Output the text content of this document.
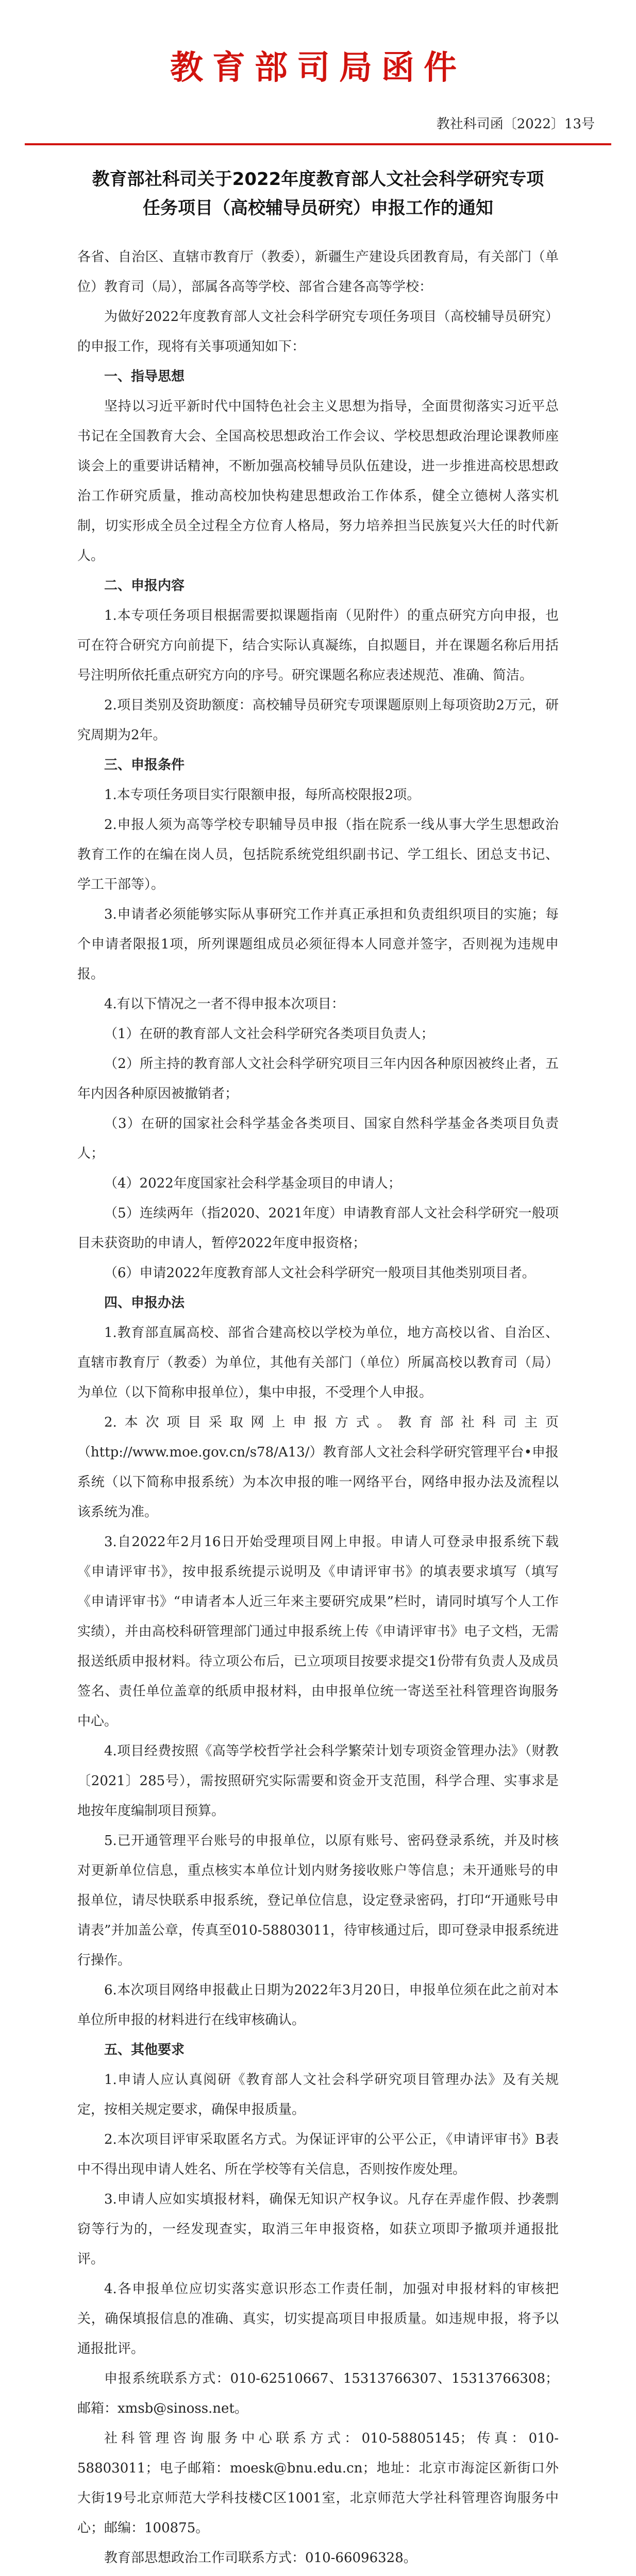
教育部司局函件
教社科司函〔2022〕13号
教育部社科司关于2022年度教育部人文社会科学研究专项
任务项目（高校辅导员研究）申报工作的通知

各省、自治区、直辖市教育厅（教委），新疆生产建设兵团教育局，有关部门（单位）教育司（局），部属各高等学校、部省合建各高等学校：

为做好2022年度教育部人文社会科学研究专项任务项目（高校辅导员研究）的申报工作，现将有关事项通知如下：

一、指导思想

坚持以习近平新时代中国特色社会主义思想为指导，全面贯彻落实习近平总书记在全国教育大会、全国高校思想政治工作会议、学校思想政治理论课教师座谈会上的重要讲话精神，不断加强高校辅导员队伍建设，进一步推进高校思想政治工作研究质量，推动高校加快构建思想政治工作体系，健全立德树人落实机制，切实形成全员全过程全方位育人格局，努力培养担当民族复兴大任的时代新人。

二、申报内容

1.本专项任务项目根据需要拟课题指南（见附件）的重点研究方向申报，也可在符合研究方向前提下，结合实际认真凝练，自拟题目，并在课题名称后用括号注明所依托重点研究方向的序号。研究课题名称应表述规范、准确、简洁。

2.项目类别及资助额度：高校辅导员研究专项课题原则上每项资助2万元，研究周期为2年。

三、申报条件

1.本专项任务项目实行限额申报，每所高校限报2项。

2.申报人须为高等学校专职辅导员申报（指在院系一线从事大学生思想政治教育工作的在编在岗人员，包括院系统党组织副书记、学工组长、团总支书记、学工干部等）。

3.申请者必须能够实际从事研究工作并真正承担和负责组织项目的实施；每个申请者限报1项，所列课题组成员必须征得本人同意并签字，否则视为违规申报。

4.有以下情况之一者不得申报本次项目：

（1）在研的教育部人文社会科学研究各类项目负责人；

（2）所主持的教育部人文社会科学研究项目三年内因各种原因被终止者，五年内因各种原因被撤销者；

（3）在研的国家社会科学基金各类项目、国家自然科学基金各类项目负责人；

（4）2022年度国家社会科学基金项目的申请人；

（5）连续两年（指2020、2021年度）申请教育部人文社会科学研究一般项目未获资助的申请人，暂停2022年度申报资格；

（6）申请2022年度教育部人文社会科学研究一般项目其他类别项目者。

四、申报办法

1.教育部直属高校、部省合建高校以学校为单位，地方高校以省、自治区、直辖市教育厅（教委）为单位，其他有关部门（单位）所属高校以教育司（局）为单位（以下简称申报单位），集中申报，不受理个人申报。

2.本次项目采取网上申报方式。教育部社科司主页（http://www.moe.gov.cn/s78/A13/）教育部人文社会科学研究管理平台•申报系统（以下简称申报系统）为本次申报的唯一网络平台，网络申报办法及流程以该系统为准。

3.自2022年2月16日开始受理项目网上申报。申请人可登录申报系统下载《申请评审书》，按申报系统提示说明及《申请评审书》的填表要求填写（填写《申请评审书》“申请者本人近三年来主要研究成果”栏时，请同时填写个人工作实绩），并由高校科研管理部门通过申报系统上传《申请评审书》电子文档，无需报送纸质申报材料。待立项公布后，已立项项目按要求提交1份带有负责人及成员签名、责任单位盖章的纸质申报材料，由申报单位统一寄送至社科管理咨询服务中心。

4.项目经费按照《高等学校哲学社会科学繁荣计划专项资金管理办法》（财教〔2021〕285号），需按照研究实际需要和资金开支范围，科学合理、实事求是地按年度编制项目预算。

5.已开通管理平台账号的申报单位，以原有账号、密码登录系统，并及时核对更新单位信息，重点核实本单位计划内财务接收账户等信息；未开通账号的申报单位，请尽快联系申报系统，登记单位信息，设定登录密码，打印“开通账号申请表”并加盖公章，传真至010-58803011，待审核通过后，即可登录申报系统进行操作。

6.本次项目网络申报截止日期为2022年3月20日，申报单位须在此之前对本单位所申报的材料进行在线审核确认。

五、其他要求

1.申请人应认真阅研《教育部人文社会科学研究项目管理办法》及有关规定，按相关规定要求，确保申报质量。

2.本次项目评审采取匿名方式。为保证评审的公平公正，《申请评审书》B表中不得出现申请人姓名、所在学校等有关信息，否则按作废处理。

3.申请人应如实填报材料，确保无知识产权争议。凡存在弄虚作假、抄袭剽窃等行为的，一经发现查实，取消三年申报资格，如获立项即予撤项并通报批评。

4.各申报单位应切实落实意识形态工作责任制，加强对申报材料的审核把关，确保填报信息的准确、真实，切实提高项目申报质量。如违规申报，将予以通报批评。

申报系统联系方式：010-62510667、15313766307、15313766308；邮箱：xmsb@sinoss.net。

社科管理咨询服务中心联系方式：010-58805145；传真：010-58803011；电子邮箱：moesk@bnu.edu.cn；地址：北京市海淀区新街口外大街19号北京师范大学科技楼C区1001室，北京师范大学社科管理咨询服务中心；邮编：100875。

教育部思想政治工作司联系方式：010-66096328。
